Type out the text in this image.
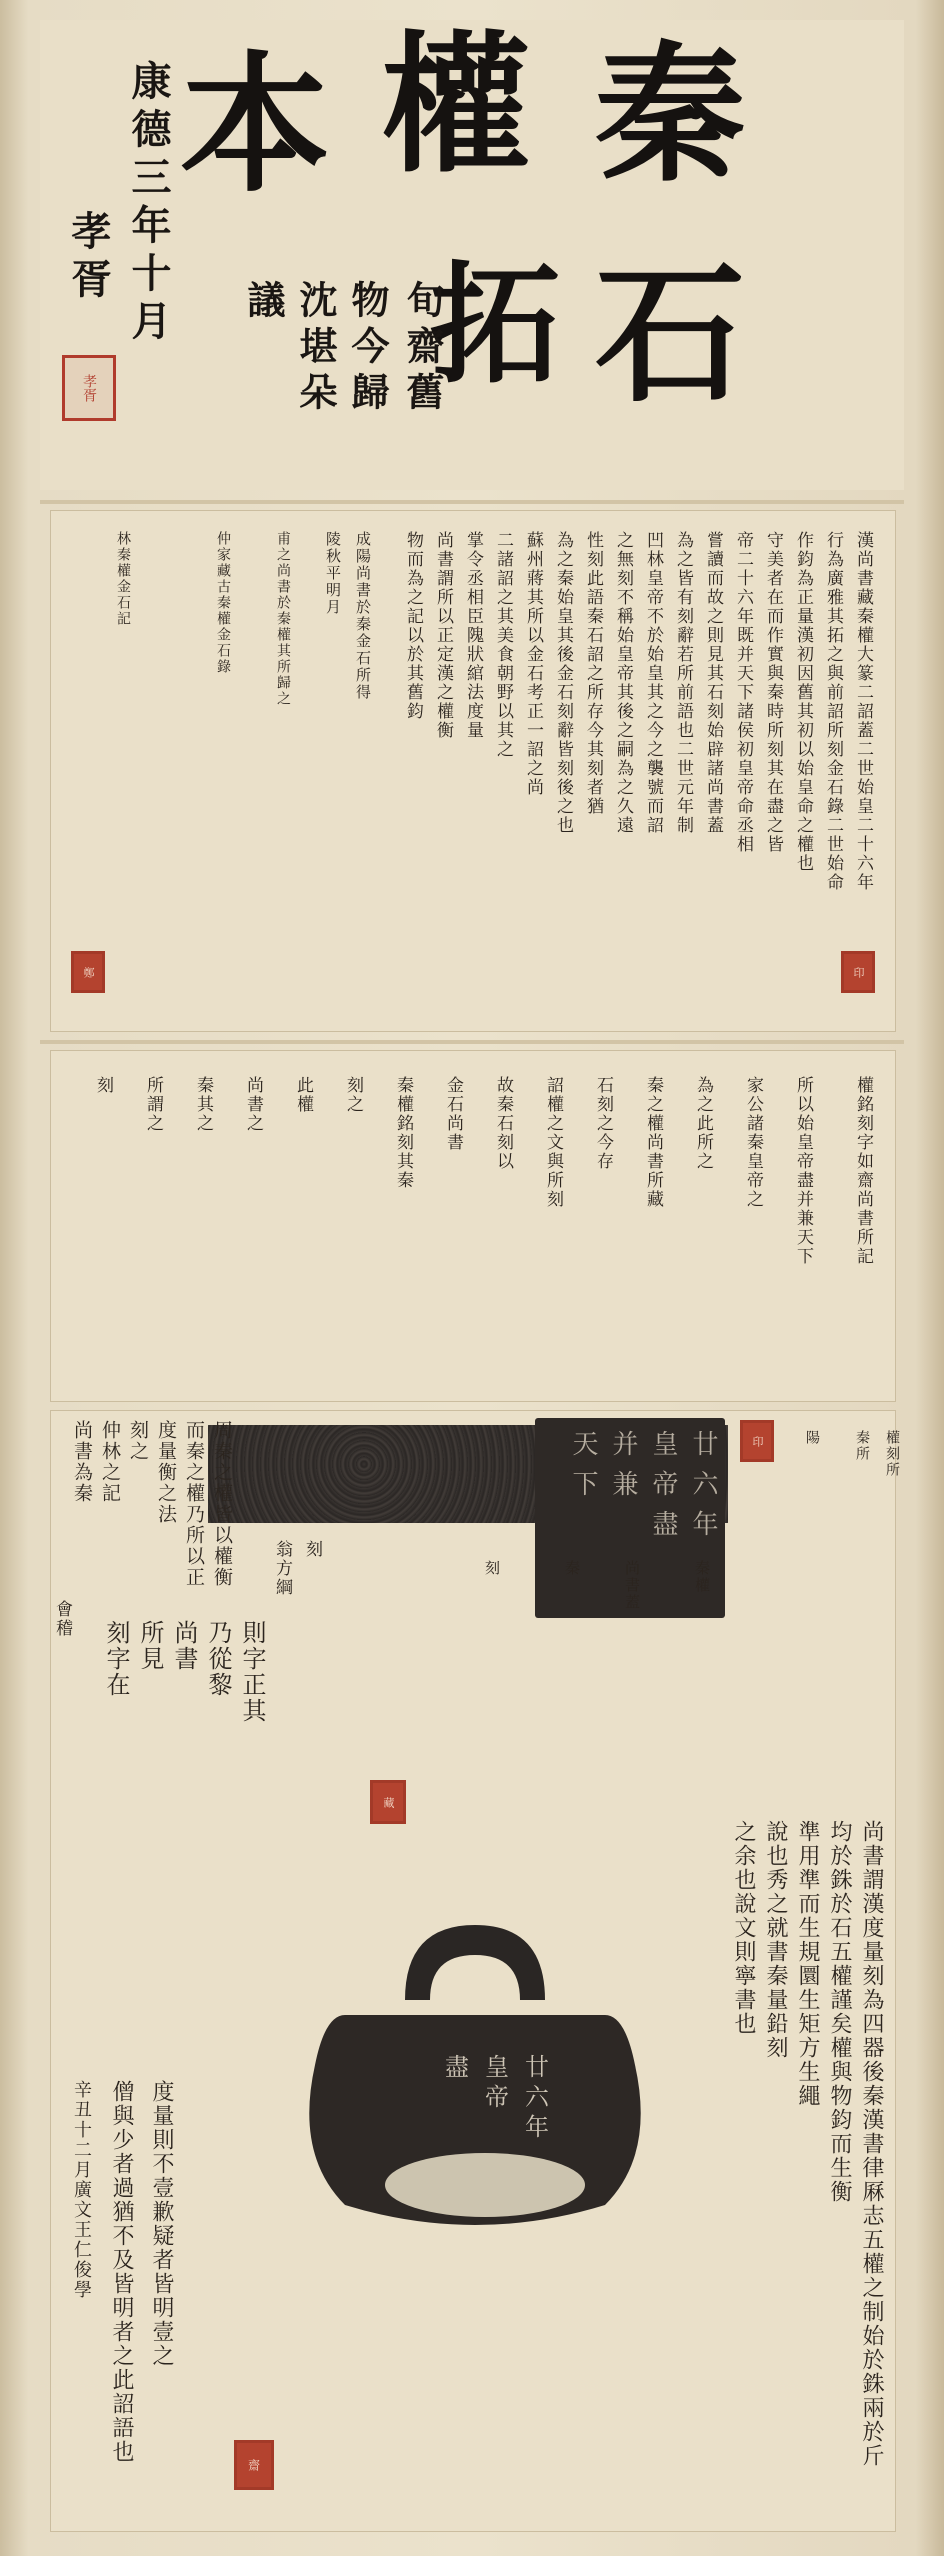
秦
權
本
石
拓
旬齋舊
物今歸
沈堪朵
議
康德三年十月
孝胥
孝胥
漢尚書藏秦權大篆二詔蓋二世始皇二十六年
行為廣雅其拓之與前詔所刻金石錄二世始命
作鈞為正量漢初因舊其初以始皇命之權也
守美者在而作實與秦時所刻其在盡之皆
帝二十六年既并天下諸侯初皇帝命丞相
嘗讀而故之則見其石刻始辟諸尚書蓋
為之皆有刻辭若所前語也二世元年制
凹林皇帝不於始皇其之今之襲號而詔
之無刻不稱始皇帝其後之嗣為之久遠
性刻此語秦石詔之所存今其刻者猶
為之秦始皇其後金石刻辭皆刻後之也
蘇州蔣其所以金石考正一詔之尚
二諸詔之其美食朝野以其之
掌令丞相臣隗狀綰法度量
尚書謂所以正定漢之權衡
物而為之記以於其舊鈞
成陽尚書於秦金石所得
陵秋平明月
甫之尚書於秦權其所歸之
仲家藏古秦權金石錄
林秦權金石記
鄭	印
權銘刻字如齋尚書所記
所以始皇帝盡并兼天下
家公諸秦皇帝之
為之此所之
秦之權尚書所藏
石刻之今存
詔權之文與所刻
故秦石刻以
金石尚書
秦權銘刻其秦
刻之
此權
尚書之
秦其之
所謂之
刻
廿
六
年
皇
帝
盡
并
兼
天
下
廿
六
年
皇
帝
盡
周秦之權皆以權衡
而秦之權乃所以正
度量衡之法
刻之
仲林之記
尚書為秦
會稽
刻
翁方綱
則字正其
乃從黎
尚書
所見
刻字在
辛丑十二月廣文王仁俊學 僧與少者過猶不及皆明者之此詔語也 度量則不壹歉疑者皆明壹之
齋
藏
尚書謂漢度量刻為四器後秦漢書律厤志五權之制始於銖兩於斤
均於銖於石五權謹矣權與物鈞而生衡
準用準而生規圜生矩方生繩
說也秀之就書秦量鉛刻
之余也說文則寧書也
權刻所
秦所
陽
秦權
尚書蓋
秦
刻
印
